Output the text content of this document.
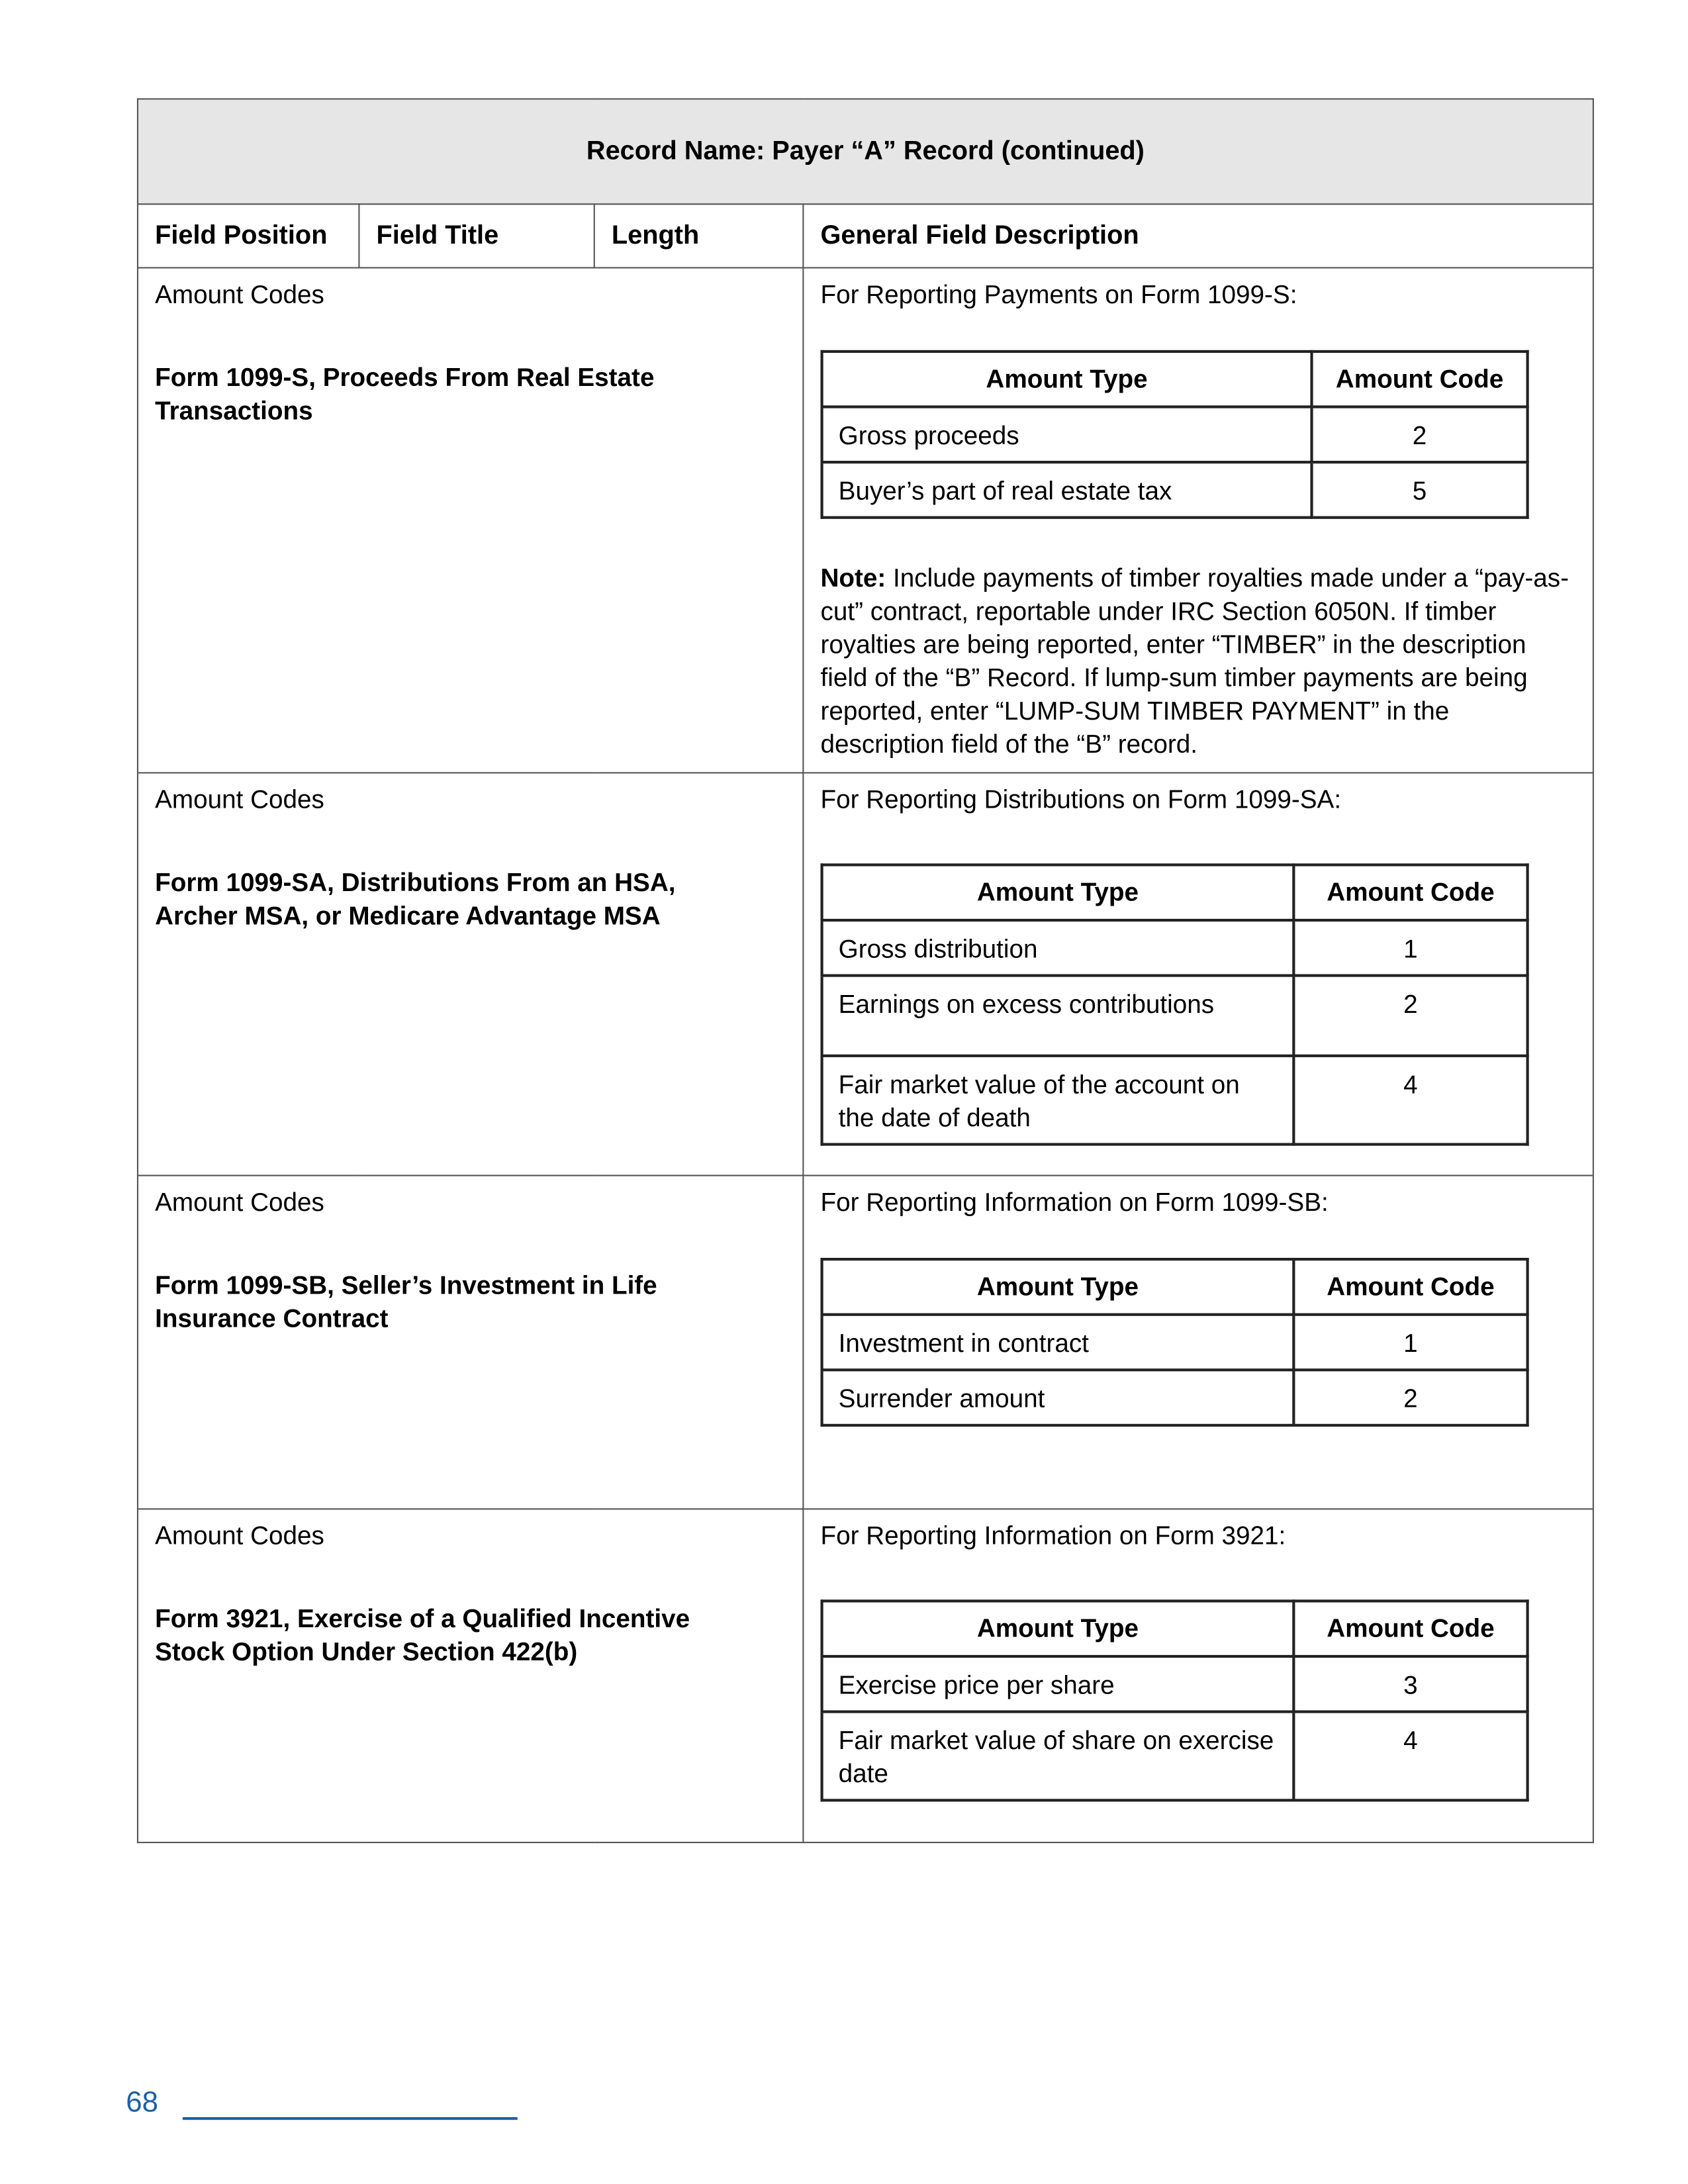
Record Name: Payer “A” Record (continued)
Field Position	Field Title	Length	General Field Description

Amount Codes
Form 1099-S, Proceeds From Real Estate Transactions

For Reporting Payments on Form 1099-S:
Amount Type	Amount Code
Gross proceeds	2
Buyer’s part of real estate tax	5
Note: Include payments of timber royalties made under a “pay-as-cut” contract, reportable under IRC Section 6050N. If timber royalties are being reported, enter “TIMBER” in the description field of the “B” Record. If lump-sum timber payments are being reported, enter “LUMP-SUM TIMBER PAYMENT” in the description field of the “B” record.

Amount Codes
Form 1099-SA, Distributions From an HSA, Archer MSA, or Medicare Advantage MSA

For Reporting Distributions on Form 1099-SA:
Amount Type	Amount Code
Gross distribution	1
Earnings on excess contributions	2
Fair market value of the account on the date of death	4

Amount Codes
Form 1099-SB, Seller’s Investment in Life Insurance Contract

For Reporting Information on Form 1099-SB:
Amount Type	Amount Code
Investment in contract	1
Surrender amount	2

Amount Codes
Form 3921, Exercise of a Qualified Incentive Stock Option Under Section 422(b)

For Reporting Information on Form 3921:
Amount Type	Amount Code
Exercise price per share	3
Fair market value of share on exercise date	4
68
